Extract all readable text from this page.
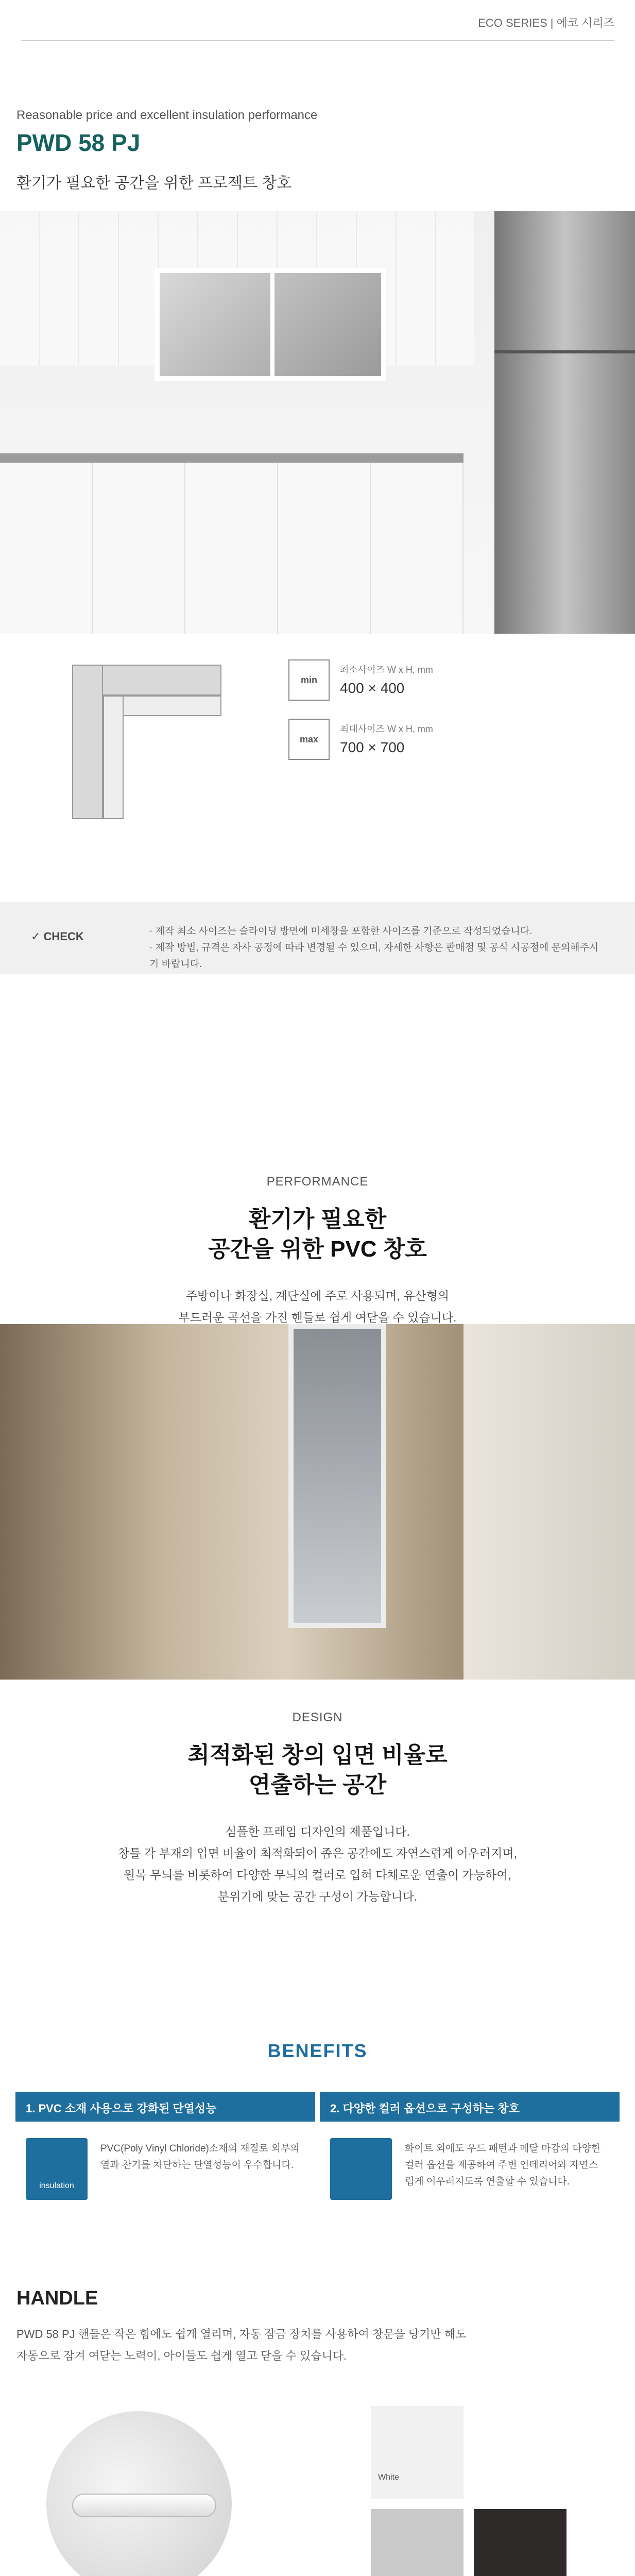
ECO SERIES | 에코 시리즈
Reasonable price and excellent insulation performance
PWD 58 PJ
환기가 필요한 공간을 위한 프로젝트 창호
min
최소사이즈 W x H, mm
400 × 400
max
최대사이즈 W x H, mm
700 × 700
✓ CHECK	· 제작 최소 사이즈는 슬라이딩 방면에 미세창을 포함한 사이즈를 기준으로 작성되었습니다.
· 제작 방법, 규격은 자사 공정에 따라 변경될 수 있으며, 자세한 사항은 판매점 및 공식 시공점에 문의해주시기 바랍니다.
PERFORMANCE
환기가 필요한
공간을 위한 PVC 창호
주방이나 화장실, 계단실에 주로 사용되며, 유산형의
부드러운 곡선을 가진 핸들로 쉽게 여닫을 수 있습니다.
DESIGN
최적화된 창의 입면 비율로
연출하는 공간
심플한 프레임 디자인의 제품입니다.
창틀 각 부재의 입면 비율이 최적화되어 좁은 공간에도 자연스럽게 어우러지며,
원목 무늬를 비롯하여 다양한 무늬의 컬러로 입혀 다채로운 연출이 가능하여,
분위기에 맞는 공간 구성이 가능합니다.
BENEFITS
1. PVC 소재 사용으로 강화된 단열성능
insulation
PVC(Poly Vinyl Chloride)소재의 재질로 외부의 열과 찬기를 차단하는 단열성능이 우수합니다.
2. 다양한 컬러 옵션으로 구성하는 창호
화이트 외에도 우드 패턴과 메탈 마감의 다양한 컬러 옵션을 제공하여 주변 인테리어와 자연스럽게 어우러지도록 연출할 수 있습니다.
HANDLE
PWD 58 PJ 핸들은 작은 힘에도 쉽게 열리며, 자동 잠금 장치를 사용하여 창문을 당기만 해도
자동으로 잠겨 여닫는 노력이, 아이들도 쉽게 열고 닫을 수 있습니다.
White
